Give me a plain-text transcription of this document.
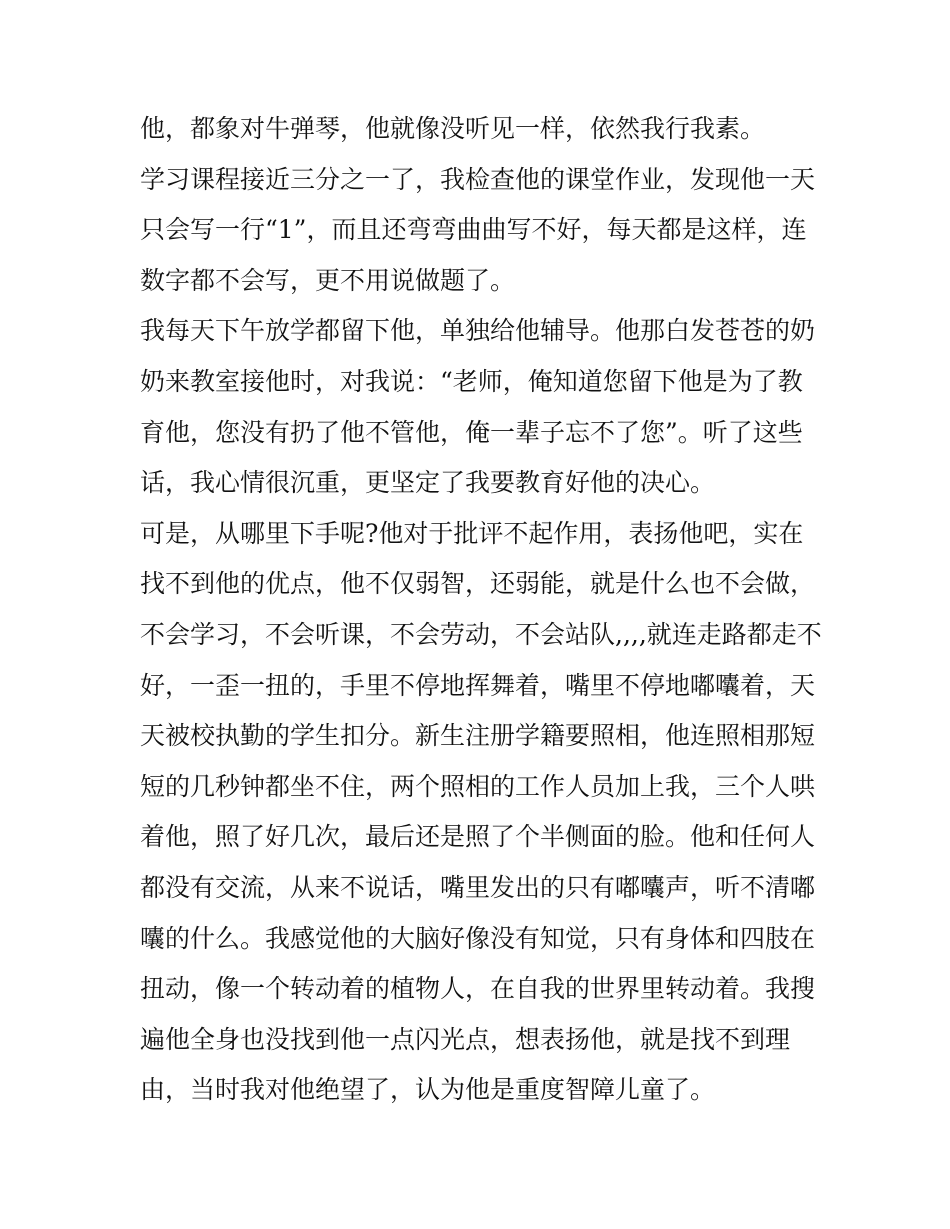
他，都象对牛弹琴，他就像没听见一样，依然我行我素。
学习课程接近三分之一了，我检查他的课堂作业，发现他一天
只会写一行“1”，而且还弯弯曲曲写不好，每天都是这样，连
数字都不会写，更不用说做题了。
我每天下午放学都留下他，单独给他辅导。他那白发苍苍的奶
奶来教室接他时，对我说：“老师，俺知道您留下他是为了教
育他，您没有扔了他不管他，俺一辈子忘不了您”。听了这些
话，我心情很沉重，更坚定了我要教育好他的决心。
可是，从哪里下手呢?他对于批评不起作用，表扬他吧，实在
找不到他的优点，他不仅弱智，还弱能，就是什么也不会做，
不会学习，不会听课，不会劳动，不会站队,,,,就连走路都走不
好，一歪一扭的，手里不停地挥舞着，嘴里不停地嘟囔着，天
天被校执勤的学生扣分。新生注册学籍要照相，他连照相那短
短的几秒钟都坐不住，两个照相的工作人员加上我，三个人哄
着他，照了好几次，最后还是照了个半侧面的脸。他和任何人
都没有交流，从来不说话，嘴里发出的只有嘟囔声，听不清嘟
囔的什么。我感觉他的大脑好像没有知觉，只有身体和四肢在
扭动，像一个转动着的植物人，在自我的世界里转动着。我搜
遍他全身也没找到他一点闪光点，想表扬他，就是找不到理
由，当时我对他绝望了，认为他是重度智障儿童了。
